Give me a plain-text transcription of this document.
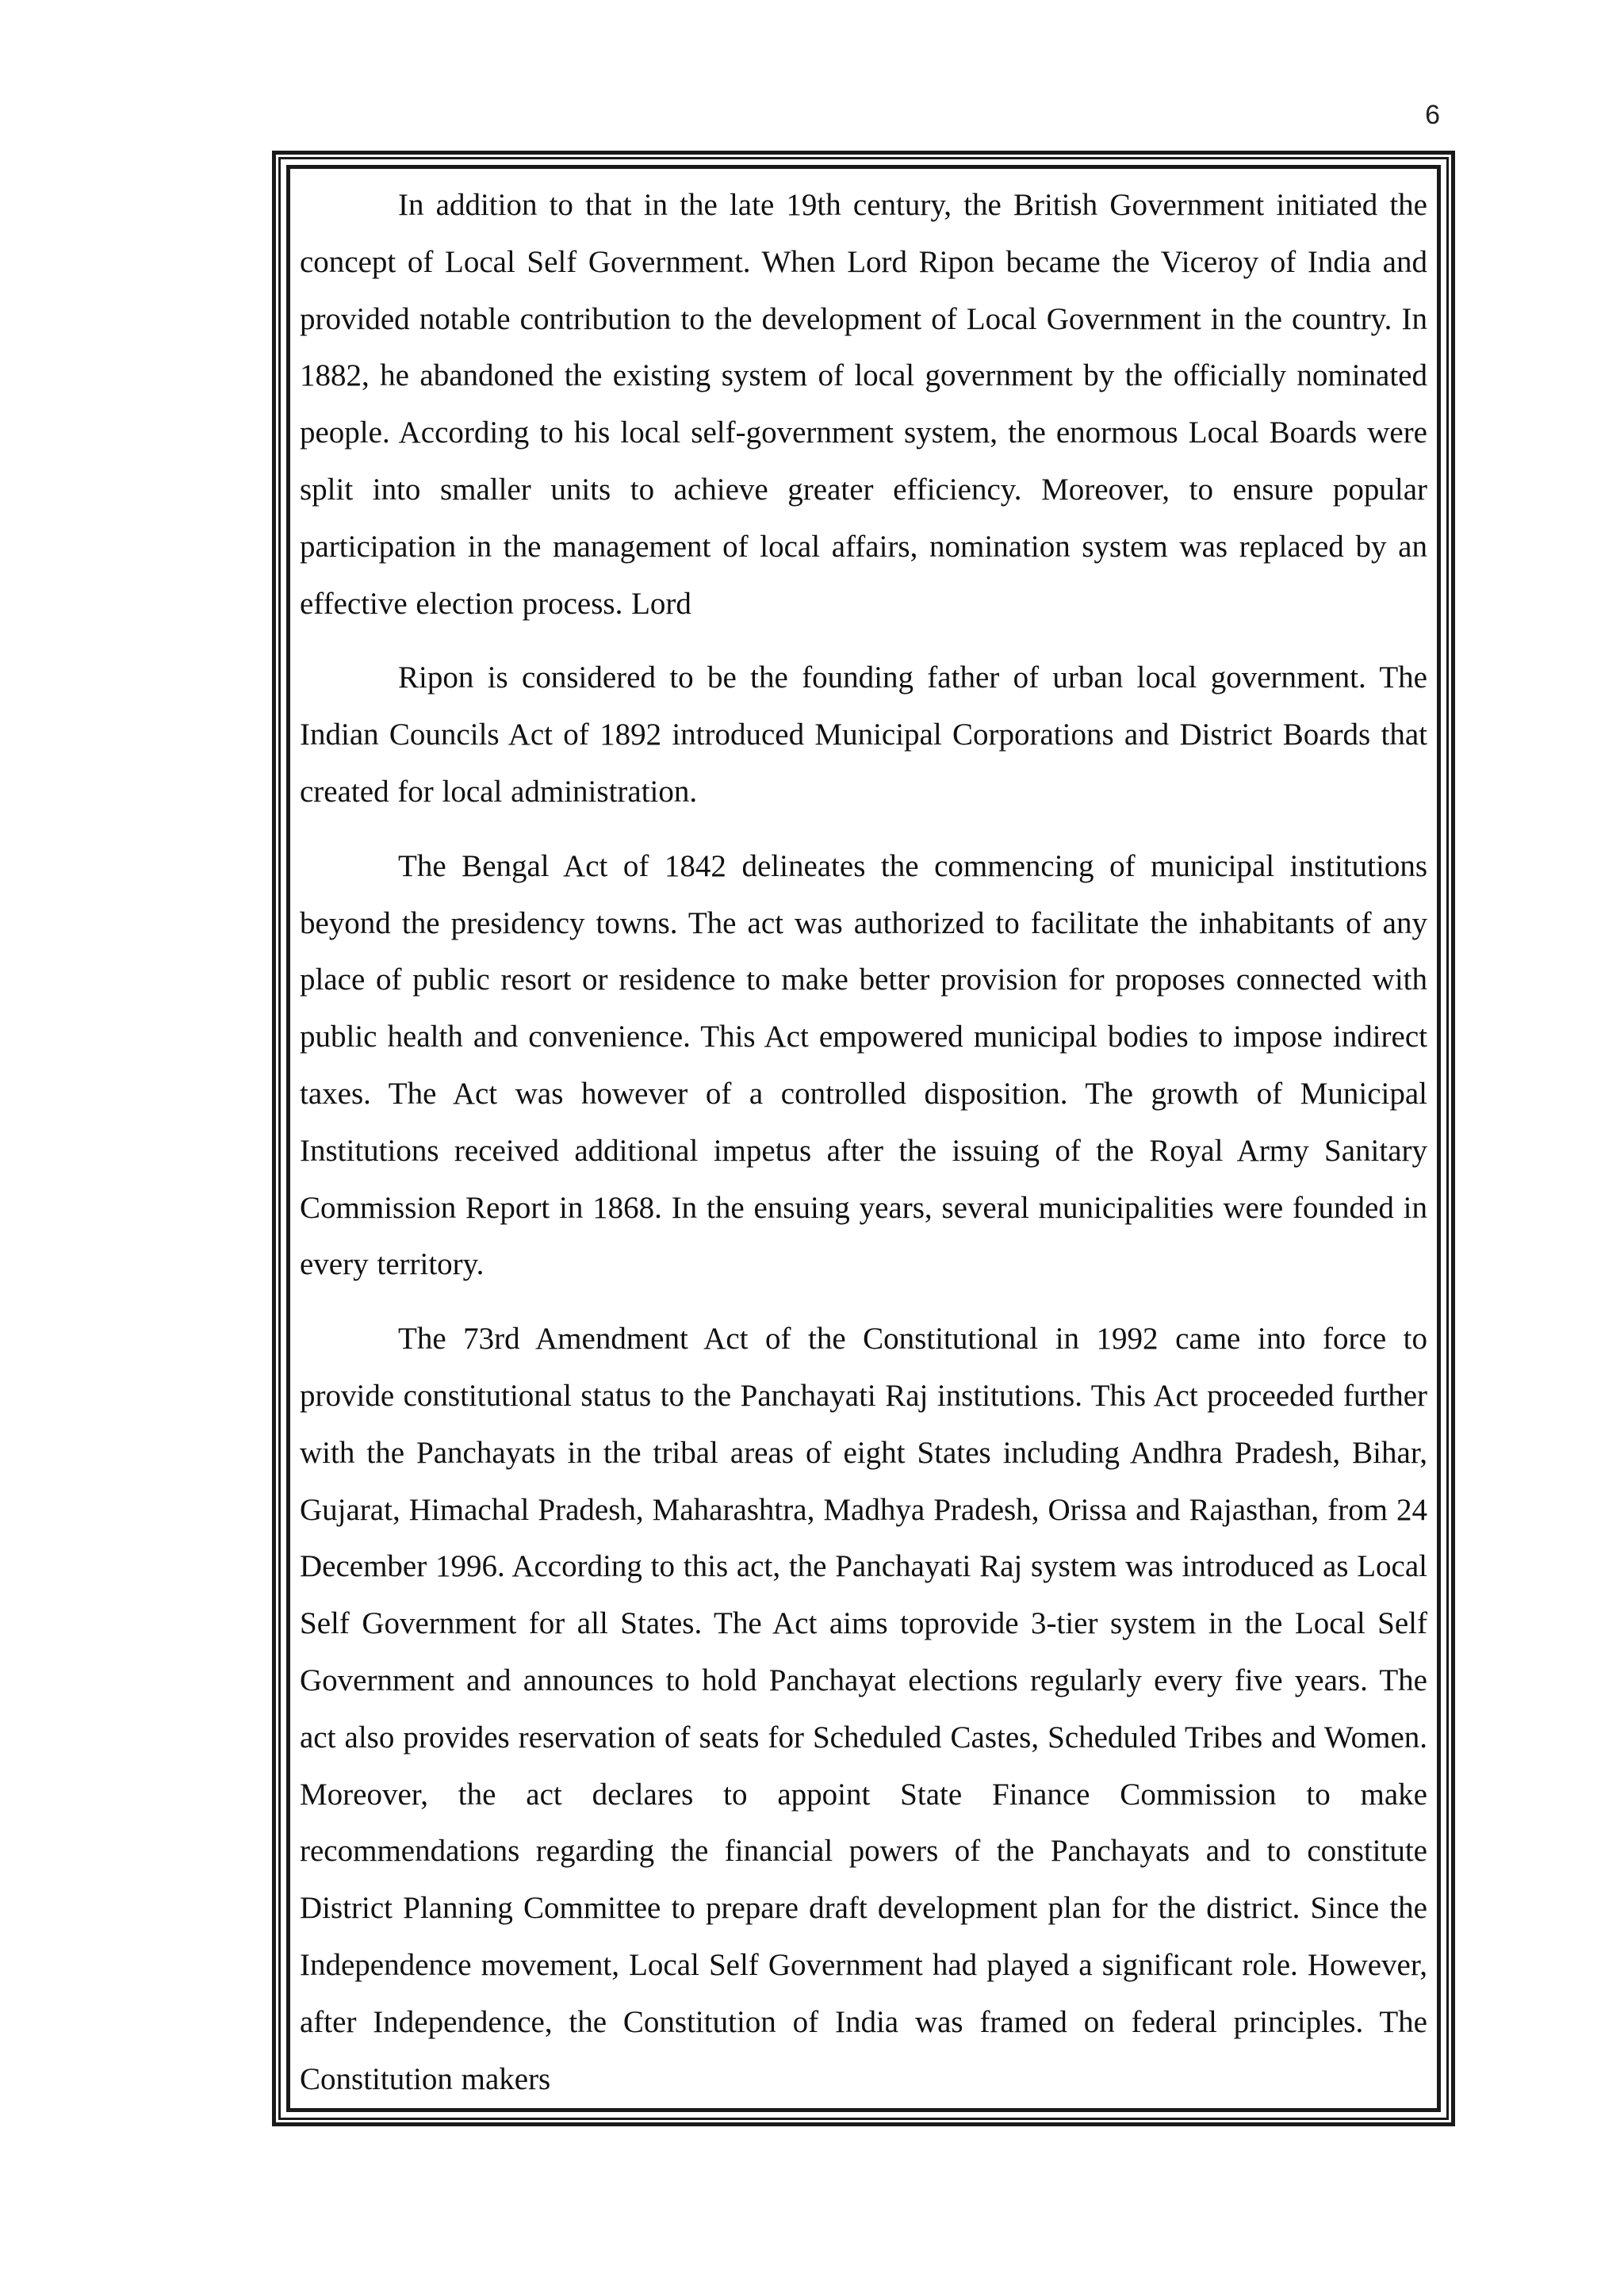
6

In addition to that in the late 19th century, the British Government initiated the concept of Local Self Government. When Lord Ripon became the Viceroy of India and provided notable contribution to the development of Local Government in the country. In 1882, he abandoned the existing system of local government by the officially nominated people. According to his local self-government system, the enormous Local Boards were split into smaller units to achieve greater efficiency. Moreover, to ensure popular participation in the management of local affairs, nomination system was replaced by an effective election process. Lord

Ripon is considered to be the founding father of urban local government. The Indian Councils Act of 1892 introduced Municipal Corporations and District Boards that created for local administration.

The Bengal Act of 1842 delineates the commencing of municipal institutions beyond the presidency towns. The act was authorized to facilitate the inhabitants of any place of public resort or residence to make better provision for proposes connected with public health and convenience. This Act empowered municipal bodies to impose indirect taxes. The Act was however of a controlled disposition. The growth of Municipal Institutions received additional impetus after the issuing of the Royal Army Sanitary Commission Report in 1868. In the ensuing years, several municipalities were founded in every territory.

The 73rd Amendment Act of the Constitutional in 1992 came into force to provide constitutional status to the Panchayati Raj institutions. This Act proceeded further with the Panchayats in the tribal areas of eight States including Andhra Pradesh, Bihar, Gujarat, Himachal Pradesh, Maharashtra, Madhya Pradesh, Orissa and Rajasthan, from 24 December 1996. According to this act, the Panchayati Raj system was introduced as Local Self Government for all States. The Act aims toprovide 3-tier system in the Local Self Government and announces to hold Panchayat elections regularly every five years. The act also provides reservation of seats for Scheduled Castes, Scheduled Tribes and Women. Moreover, the act declares to appoint State Finance Commission to make recommendations regarding the financial powers of the Panchayats and to constitute District Planning Committee to prepare draft development plan for the district. Since the Independence movement, Local Self Government had played a significant role. However, after Independence, the Constitution of India was framed on federal principles. The Constitution makers
